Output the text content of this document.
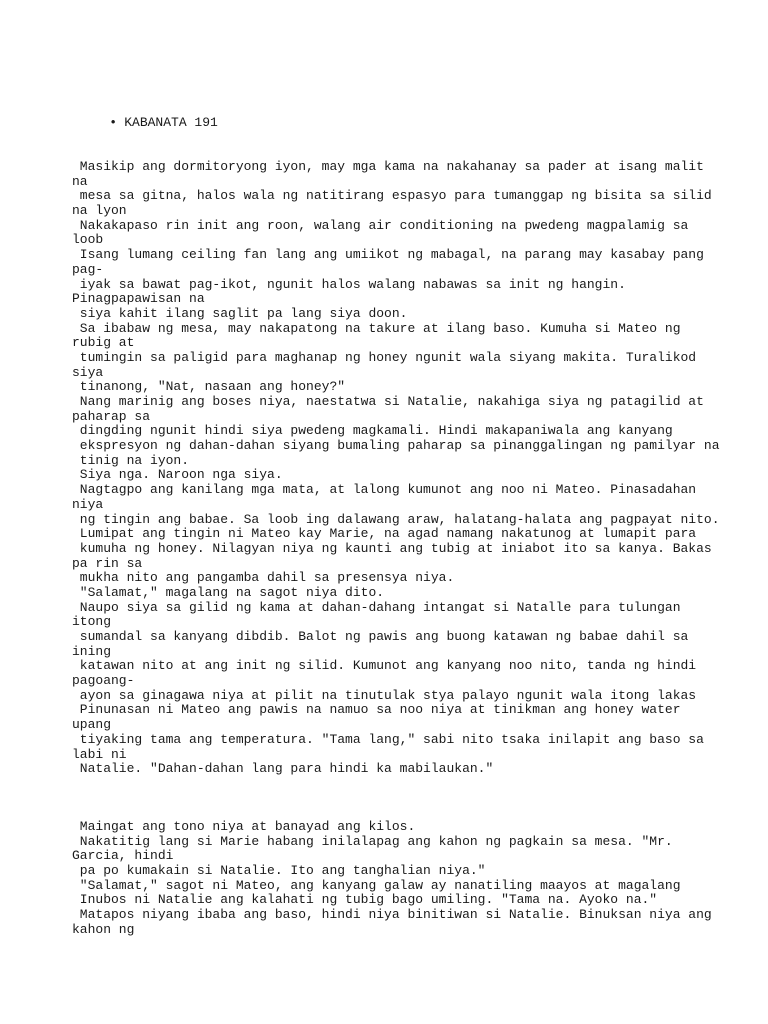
• KABANATA 191

Masikip ang dormitoryong iyon, may mga kama na nakahanay sa pader at isang malit
na
mesa sa gitna, halos wala ng natitirang espasyo para tumanggap ng bisita sa silid
na lyon
Nakakapaso rin init ang roon, walang air conditioning na pwedeng magpalamig sa
loob
Isang lumang ceiling fan lang ang umiikot ng mabagal, na parang may kasabay pang
pag-
iyak sa bawat pag-ikot, ngunit halos walang nabawas sa init ng hangin.
Pinagpapawisan na
siya kahit ilang saglit pa lang siya doon.
Sa ibabaw ng mesa, may nakapatong na takure at ilang baso. Kumuha si Mateo ng
rubig at
tumingin sa paligid para maghanap ng honey ngunit wala siyang makita. Turalikod
siya
tinanong, "Nat, nasaan ang honey?"
Nang marinig ang boses niya, naestatwa si Natalie, nakahiga siya ng patagilid at
paharap sa
dingding ngunit hindi siya pwedeng magkamali. Hindi makapaniwala ang kanyang
ekspresyon ng dahan-dahan siyang bumaling paharap sa pinanggalingan ng pamilyar na
tinig na iyon.
Siya nga. Naroon nga siya.
Nagtagpo ang kanilang mga mata, at lalong kumunot ang noo ni Mateo. Pinasadahan
niya
ng tingin ang babae. Sa loob ing dalawang araw, halatang-halata ang pagpayat nito.
Lumipat ang tingin ni Mateo kay Marie, na agad namang nakatunog at lumapit para
kumuha ng honey. Nilagyan niya ng kaunti ang tubig at iniabot ito sa kanya. Bakas
pa rin sa
mukha nito ang pangamba dahil sa presensya niya.
"Salamat," magalang na sagot niya dito.
Naupo siya sa gilid ng kama at dahan-dahang intangat si Natalle para tulungan
itong
sumandal sa kanyang dibdib. Balot ng pawis ang buong katawan ng babae dahil sa
ining
katawan nito at ang init ng silid. Kumunot ang kanyang noo nito, tanda ng hindi
pagoang-
ayon sa ginagawa niya at pilit na tinutulak stya palayo ngunit wala itong lakas
Pinunasan ni Mateo ang pawis na namuo sa noo niya at tinikman ang honey water
upang
tiyaking tama ang temperatura. "Tama lang," sabi nito tsaka inilapit ang baso sa
labi ni
Natalie. "Dahan-dahan lang para hindi ka mabilaukan."
Maingat ang tono niya at banayad ang kilos.
Nakatitig lang si Marie habang inilalapag ang kahon ng pagkain sa mesa. "Mr.
Garcia, hindi
pa po kumakain si Natalie. Ito ang tanghalian niya."
"Salamat," sagot ni Mateo, ang kanyang galaw ay nanatiling maayos at magalang
Inubos ni Natalie ang kalahati ng tubig bago umiling. "Tama na. Ayoko na."
Matapos niyang ibaba ang baso, hindi niya binitiwan si Natalie. Binuksan niya ang
kahon ng
